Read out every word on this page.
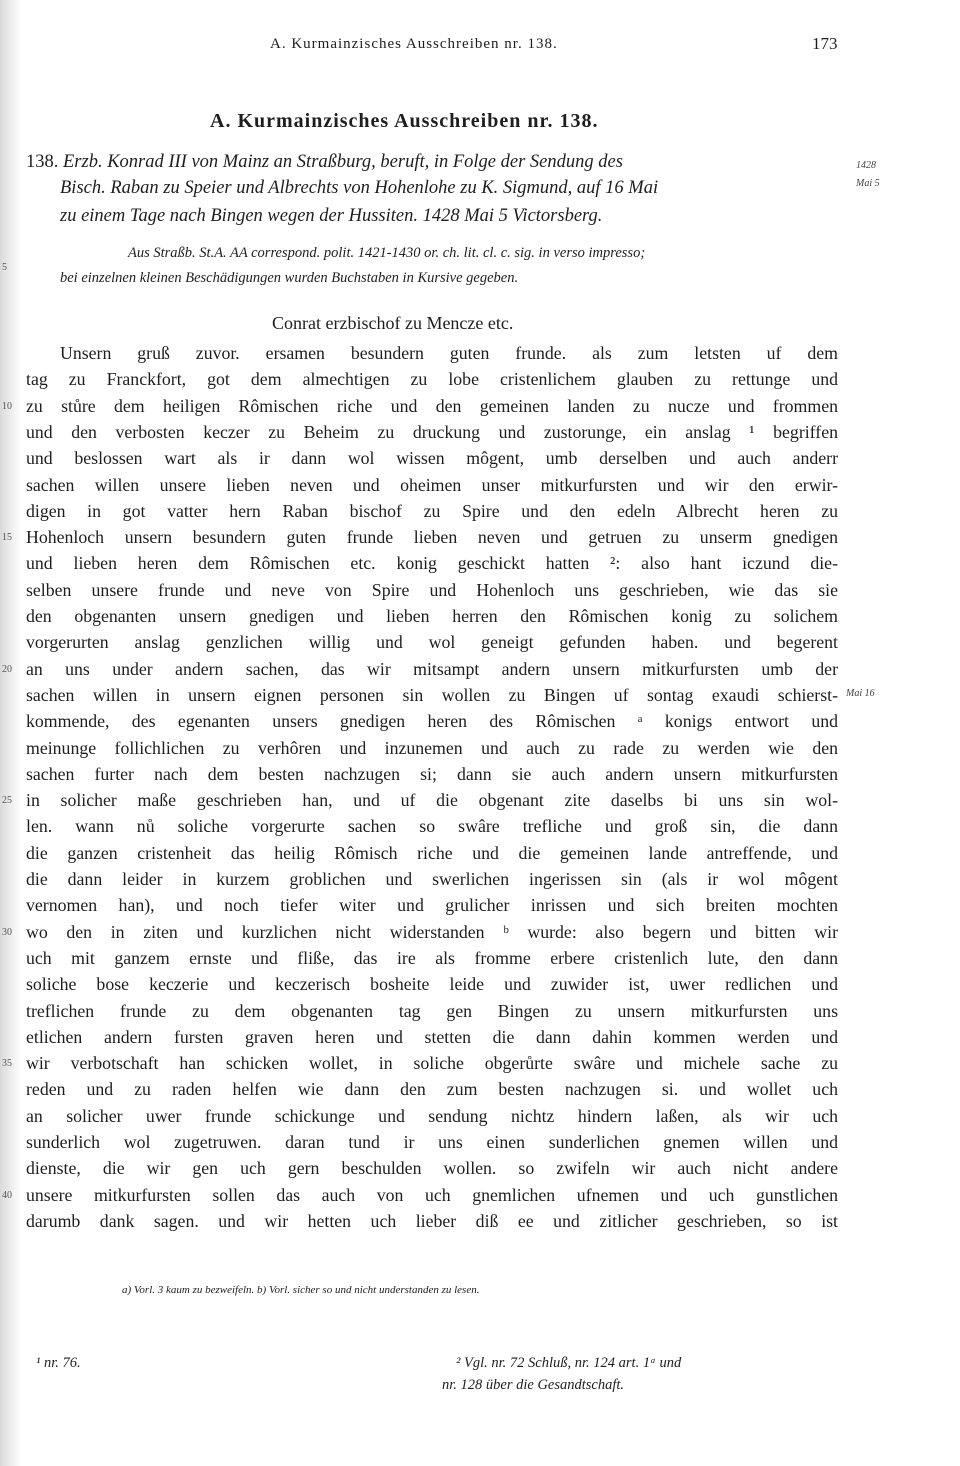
A. Kurmainzisches Ausschreiben nr. 138.	173
A. Kurmainzisches Ausschreiben nr. 138.
138. Erzb. Konrad III von Mainz an Straßburg, beruft, in Folge der Sendung des
Bisch. Raban zu Speier und Albrechts von Hohenlohe zu K. Sigmund, auf 16 Mai
zu einem Tage nach Bingen wegen der Hussiten. 1428 Mai 5 Victorsberg.
1428
Mai 5
Aus Straßb. St.A. AA correspond. polit. 1421-1430 or. ch. lit. cl. c. sig. in verso impresso;
bei einzelnen kleinen Beschädigungen wurden Buchstaben in Kursive gegeben.
Conrat erzbischof zu Mencze etc.
Unsern gruß zuvor. ersamen besundern guten frunde. als zum letsten uf dem
tag zu Franckfort, got dem almechtigen zu lobe cristenlichem glauben zu rettunge und
zu stůre dem heiligen Rômischen riche und den gemeinen landen zu nucze und frommen
und den verbosten keczer zu Beheim zu druckung und zustorunge, ein anslag ¹ begriffen
und beslossen wart als ir dann wol wissen môgent, umb derselben und auch anderr
sachen willen unsere lieben neven und oheimen unser mitkurfursten und wir den erwir-
digen in got vatter hern Raban bischof zu Spire und den edeln Albrecht heren zu
Hohenloch unsern besundern guten frunde lieben neven und getruen zu unserm gnedigen
und lieben heren dem Rômischen etc. konig geschickt hatten ²: also hant iczund die-
selben unsere frunde und neve von Spire und Hohenloch uns geschrieben, wie das sie
den obgenanten unsern gnedigen und lieben herren den Rômischen konig zu solichem
vorgerurten anslag genzlichen willig und wol geneigt gefunden haben. und begerent
an uns under andern sachen, das wir mitsampt andern unsern mitkurfursten umb der
sachen willen in unsern eignen personen sin wollen zu Bingen uf sontag exaudi schierst-
kommende, des egenanten unsers gnedigen heren des Rômischen ᵃ konigs entwort und
meinunge follichlichen zu verhôren und inzunemen und auch zu rade zu werden wie den
sachen furter nach dem besten nachzugen si; dann sie auch andern unsern mitkurfursten
in solicher maße geschrieben han, und uf die obgenant zite daselbs bi uns sin wol-
len. wann nů soliche vorgerurte sachen so swâre trefliche und groß sin, die dann
die ganzen cristenheit das heilig Rômisch riche und die gemeinen lande antreffende, und
die dann leider in kurzem groblichen und swerlichen ingerissen sin (als ir wol môgent
vernomen han), und noch tiefer witer und grulicher inrissen und sich breiten mochten
wo den in ziten und kurzlichen nicht widerstanden ᵇ wurde: also begern und bitten wir
uch mit ganzem ernste und fliße, das ire als fromme erbere cristenlich lute, den dann
soliche bose keczerie und keczerisch bosheite leide und zuwider ist, uwer redlichen und
treflichen frunde zu dem obgenanten tag gen Bingen zu unsern mitkurfursten uns
etlichen andern fursten graven heren und stetten die dann dahin kommen werden und
wir verbotschaft han schicken wollet, in soliche obgerůrte swâre und michele sache zu
reden und zu raden helfen wie dann den zum besten nachzugen si. und wollet uch
an solicher uwer frunde schickunge und sendung nichtz hindern laßen, als wir uch
sunderlich wol zugetruwen. daran tund ir uns einen sunderlichen gnemen willen und
dienste, die wir gen uch gern beschulden wollen. so zwifeln wir auch nicht andere
unsere mitkurfursten sollen das auch von uch gnemlichen ufnemen und uch gunstlichen
darumb dank sagen. und wir hetten uch lieber diß ee und zitlicher geschrieben, so ist
5
10
15
20
25
30
35
40
Mai 16
a) Vorl. 3 kaum zu bezweifeln. b) Vorl. sicher so und nicht understanden zu lesen.
¹ nr. 76.	² Vgl. nr. 72 Schluß, nr. 124 art. 1ᵃ und
nr. 128 über die Gesandtschaft.
